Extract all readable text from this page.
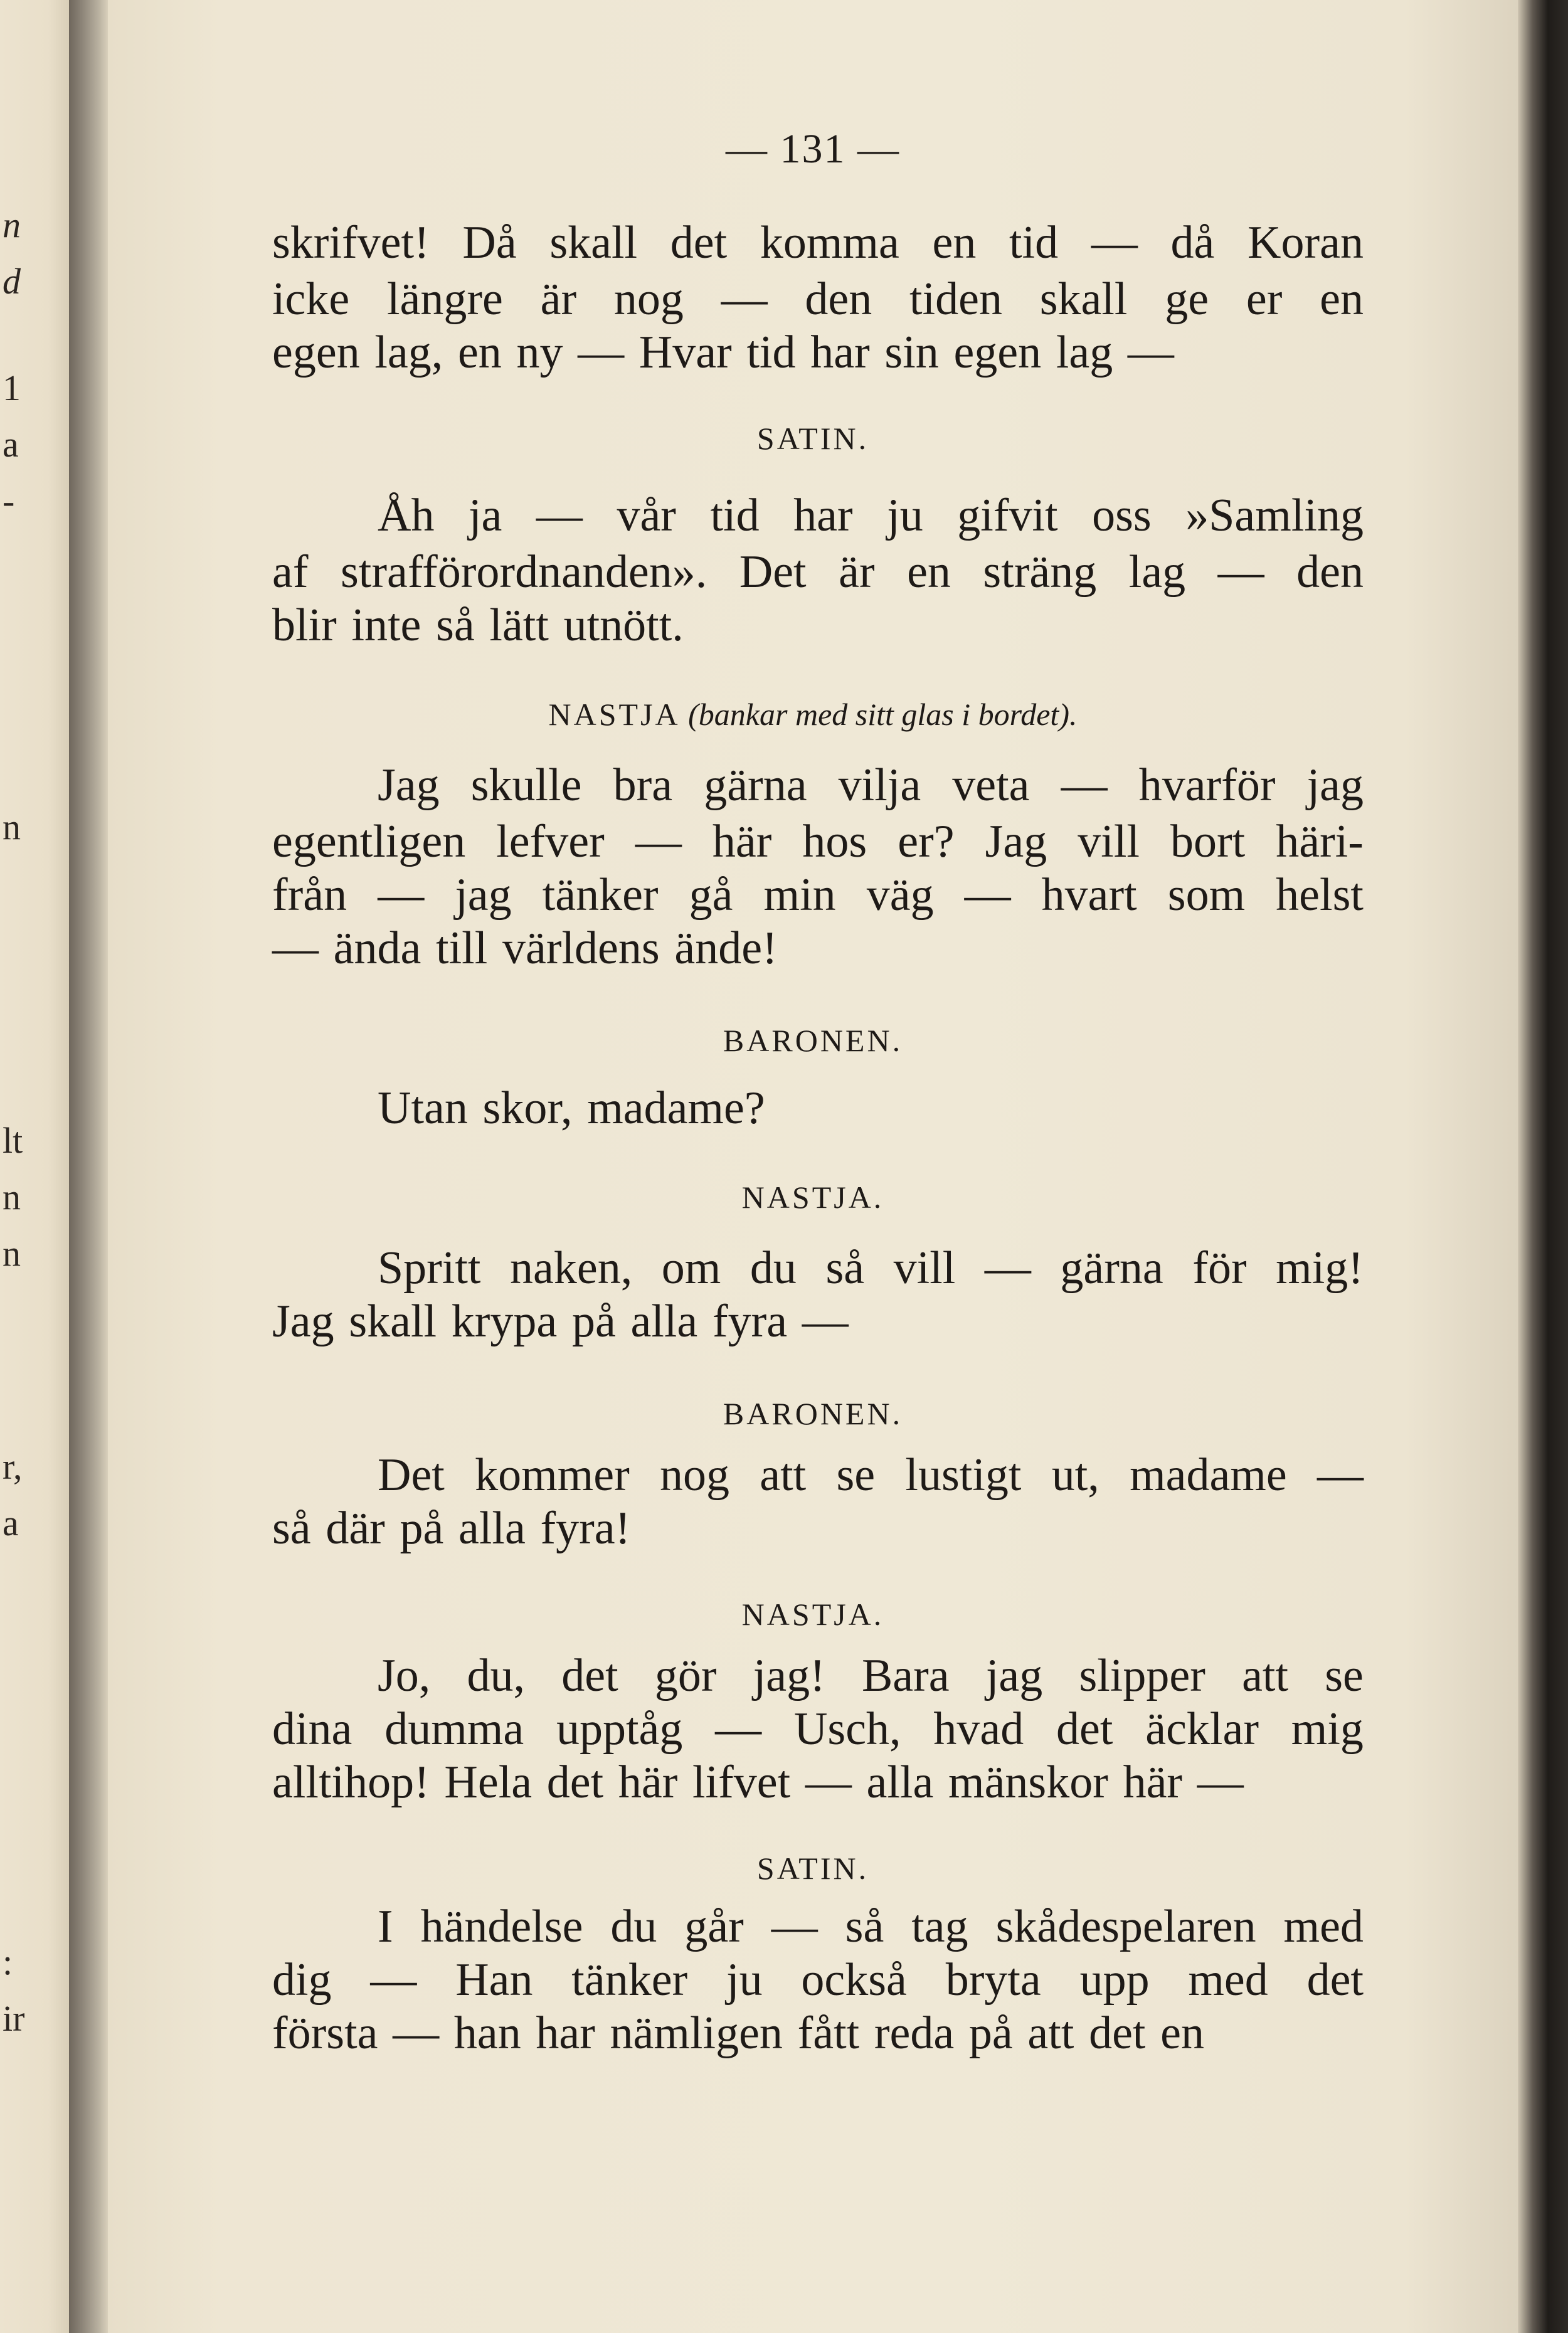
n
d
1
a
-
n
lt
n
n
r,
a
:
ir
— 131 —
skrifvet! Då skall det komma en tid — då Koran
icke längre är nog — den tiden skall ge er en
egen lag, en ny — Hvar tid har sin egen lag —
SATIN.
Åh ja — vår tid har ju gifvit oss »Samling
af strafförordnanden». Det är en sträng lag — den
blir inte så lätt utnött.
NASTJA (bankar med sitt glas i bordet).
Jag skulle bra gärna vilja veta — hvarför jag
egentligen lefver — här hos er? Jag vill bort häri-
från — jag tänker gå min väg — hvart som helst
— ända till världens ände!
BARONEN.
Utan skor, madame?
NASTJA.
Spritt naken, om du så vill — gärna för mig!
Jag skall krypa på alla fyra —
BARONEN.
Det kommer nog att se lustigt ut, madame —
så där på alla fyra!
NASTJA.
Jo, du, det gör jag! Bara jag slipper att se
dina dumma upptåg — Usch, hvad det äcklar mig
alltihop! Hela det här lifvet — alla mänskor här —
SATIN.
I händelse du går — så tag skådespelaren med
dig — Han tänker ju också bryta upp med det
första — han har nämligen fått reda på att det en
